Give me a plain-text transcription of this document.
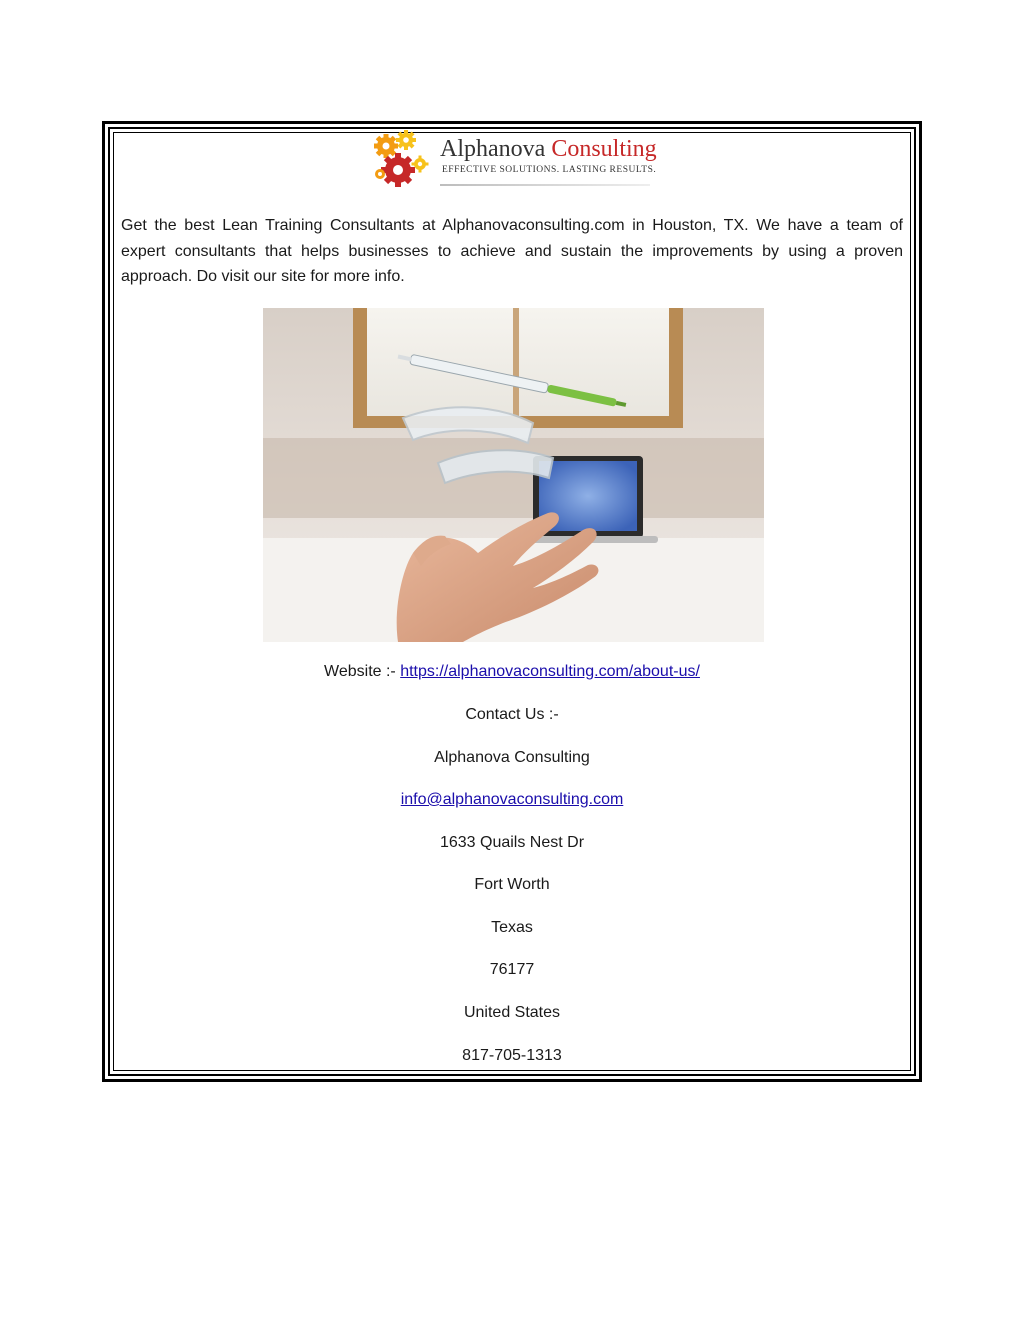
Alphanova Consulting
EFFECTIVE SOLUTIONS. LASTING RESULTS.
Get the best Lean Training Consultants at Alphanovaconsulting.com in Houston, TX. We have a team of expert consultants that helps businesses to achieve and sustain the improvements by using a proven approach. Do visit our site for more info.
Website :- https://alphanovaconsulting.com/about-us/
Contact Us :-
Alphanova Consulting
info@alphanovaconsulting.com
1633 Quails Nest Dr
Fort Worth
Texas
76177
United States
817-705-1313
